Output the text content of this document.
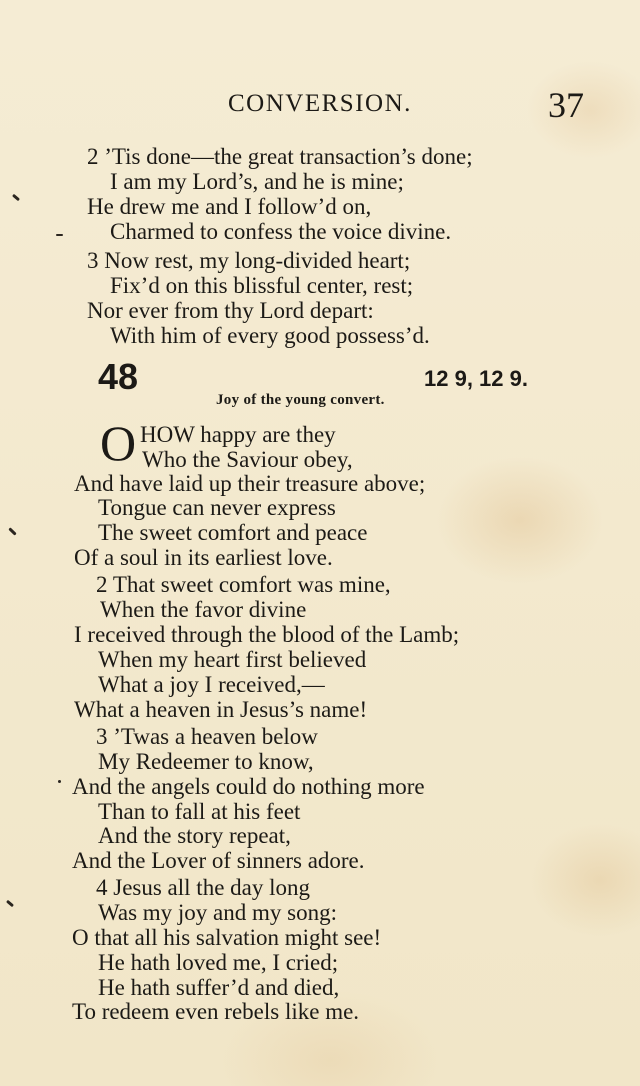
CONVERSION.	37
2 ’Tis done—the great transaction’s done;
I am my Lord’s, and he is mine;
He drew me and I follow’d on,
Charmed to confess the voice divine.
3 Now rest, my long-divided heart;
Fix’d on this blissful center, rest;
Nor ever from thy Lord depart:
With him of every good possess’d.
48	12 9, 12 9.
Joy of the young convert.
O HOW happy are they
Who the Saviour obey,
And have laid up their treasure above;
Tongue can never express
The sweet comfort and peace
Of a soul in its earliest love.
2 That sweet comfort was mine,
When the favor divine
I received through the blood of the Lamb;
When my heart first believed
What a joy I received,—
What a heaven in Jesus’s name!
3 ’Twas a heaven below
My Redeemer to know,
And the angels could do nothing more
Than to fall at his feet
And the story repeat,
And the Lover of sinners adore.
4 Jesus all the day long
Was my joy and my song:
O that all his salvation might see!
He hath loved me, I cried;
He hath suffer’d and died,
To redeem even rebels like me.
